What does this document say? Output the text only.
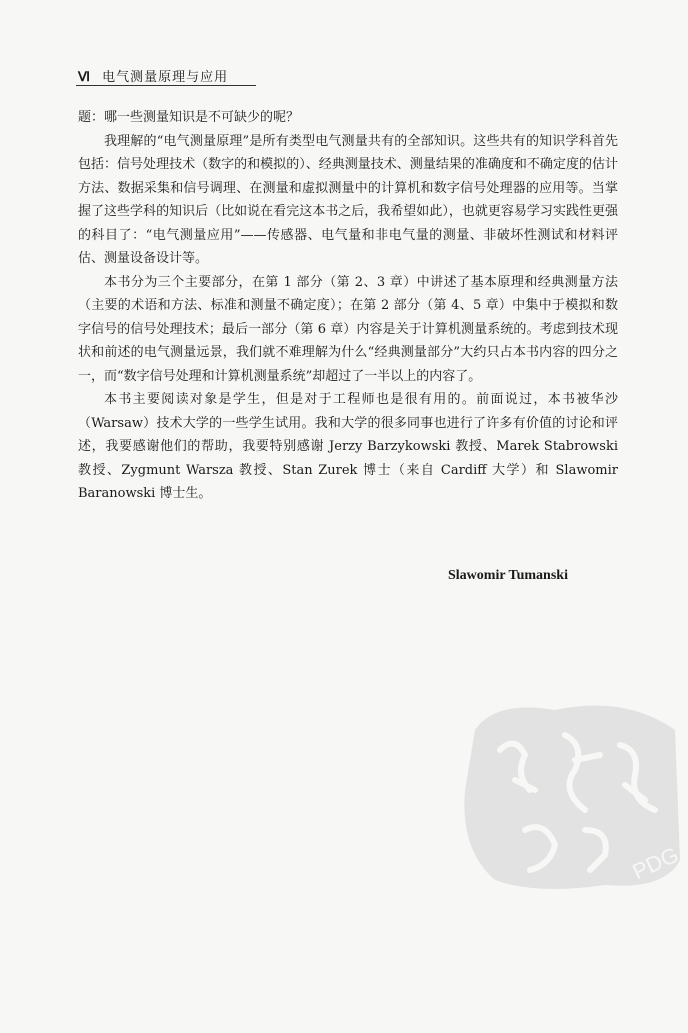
Ⅵ 电气测量原理与应用

题：哪一些测量知识是不可缺少的呢？

我理解的“电气测量原理”是所有类型电气测量共有的全部知识。这些共有的知识学科首先包括：信号处理技术（数字的和模拟的）、经典测量技术、测量结果的准确度和不确定度的估计方法、数据采集和信号调理、在测量和虚拟测量中的计算机和数字信号处理器的应用等。当掌握了这些学科的知识后（比如说在看完这本书之后，我希望如此），也就更容易学习实践性更强的科目了：“电气测量应用”——传感器、电气量和非电气量的测量、非破坏性测试和材料评估、测量设备设计等。

本书分为三个主要部分，在第 1 部分（第 2、3 章）中讲述了基本原理和经典测量方法（主要的术语和方法、标准和测量不确定度）；在第 2 部分（第 4、5 章）中集中于模拟和数字信号的信号处理技术；最后一部分（第 6 章）内容是关于计算机测量系统的。考虑到技术现状和前述的电气测量远景，我们就不难理解为什么“经典测量部分”大约只占本书内容的四分之一，而“数字信号处理和计算机测量系统”却超过了一半以上的内容了。

本书主要阅读对象是学生，但是对于工程师也是很有用的。前面说过，本书被华沙（Warsaw）技术大学的一些学生试用。我和大学的很多同事也进行了许多有价值的讨论和评述，我要感谢他们的帮助，我要特别感谢 Jerzy Barzykowski 教授、Marek Stabrowski 教授、Zygmunt Warsza 教授、Stan Zurek 博士（来自 Cardiff 大学）和 Slawomir Baranowski 博士生。

Slawomir Tumanski
PDG
